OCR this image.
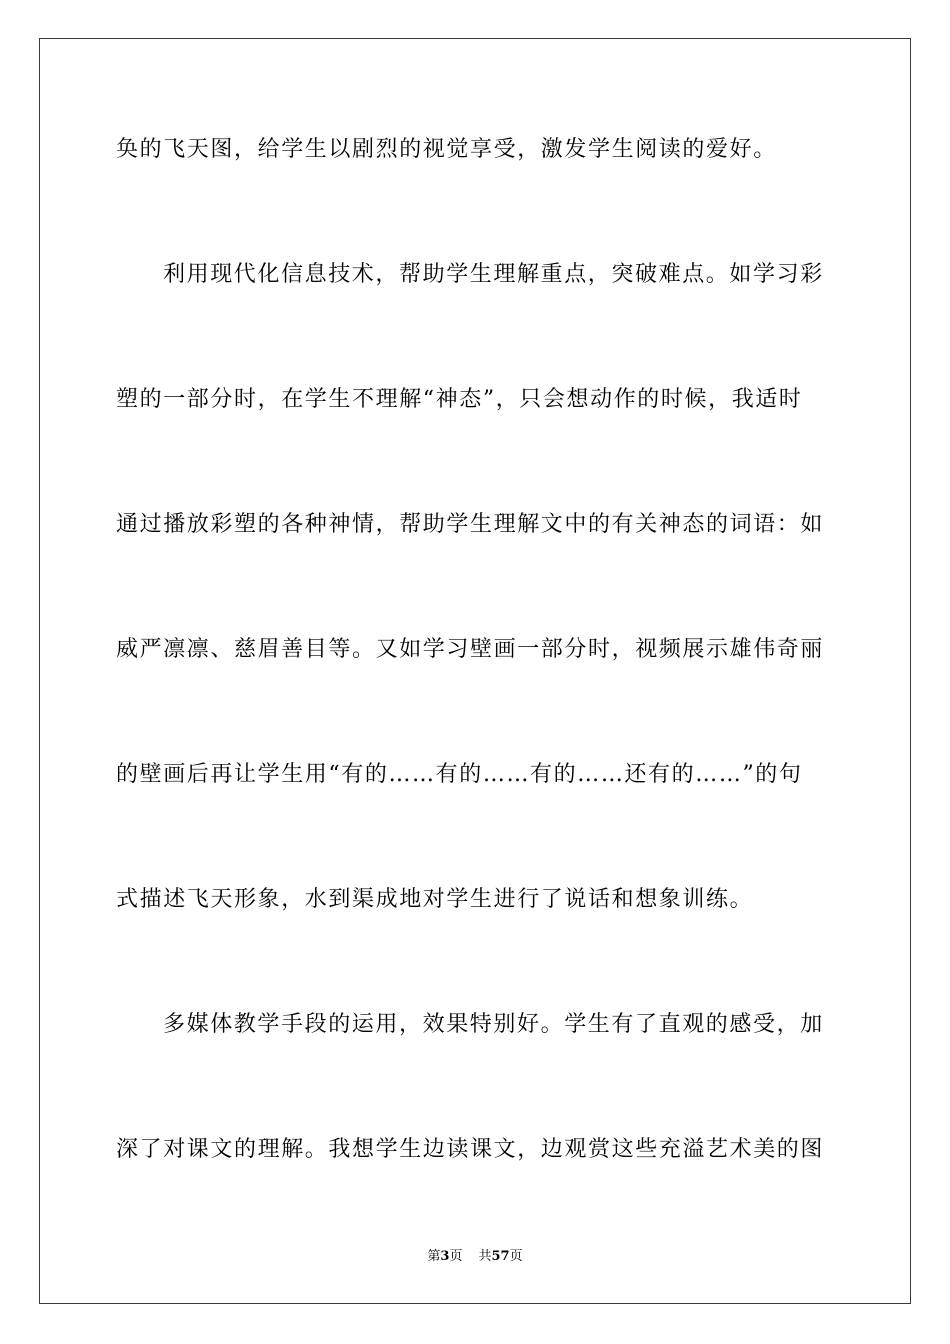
奂的飞天图，给学生以剧烈的视觉享受，激发学生阅读的爱好。
利用现代化信息技术，帮助学生理解重点，突破难点。如学习彩
塑的一部分时，在学生不理解“神态”，只会想动作的时候，我适时
通过播放彩塑的各种神情，帮助学生理解文中的有关神态的词语：如
威严凛凛、慈眉善目等。又如学习壁画一部分时，视频展示雄伟奇丽
的壁画后再让学生用“有的……有的……有的……还有的……”的句
式描述飞天形象，水到渠成地对学生进行了说话和想象训练。
多媒体教学手段的运用，效果特别好。学生有了直观的感受，加
深了对课文的理解。我想学生边读课文，边观赏这些充溢艺术美的图
第3页 共57页
